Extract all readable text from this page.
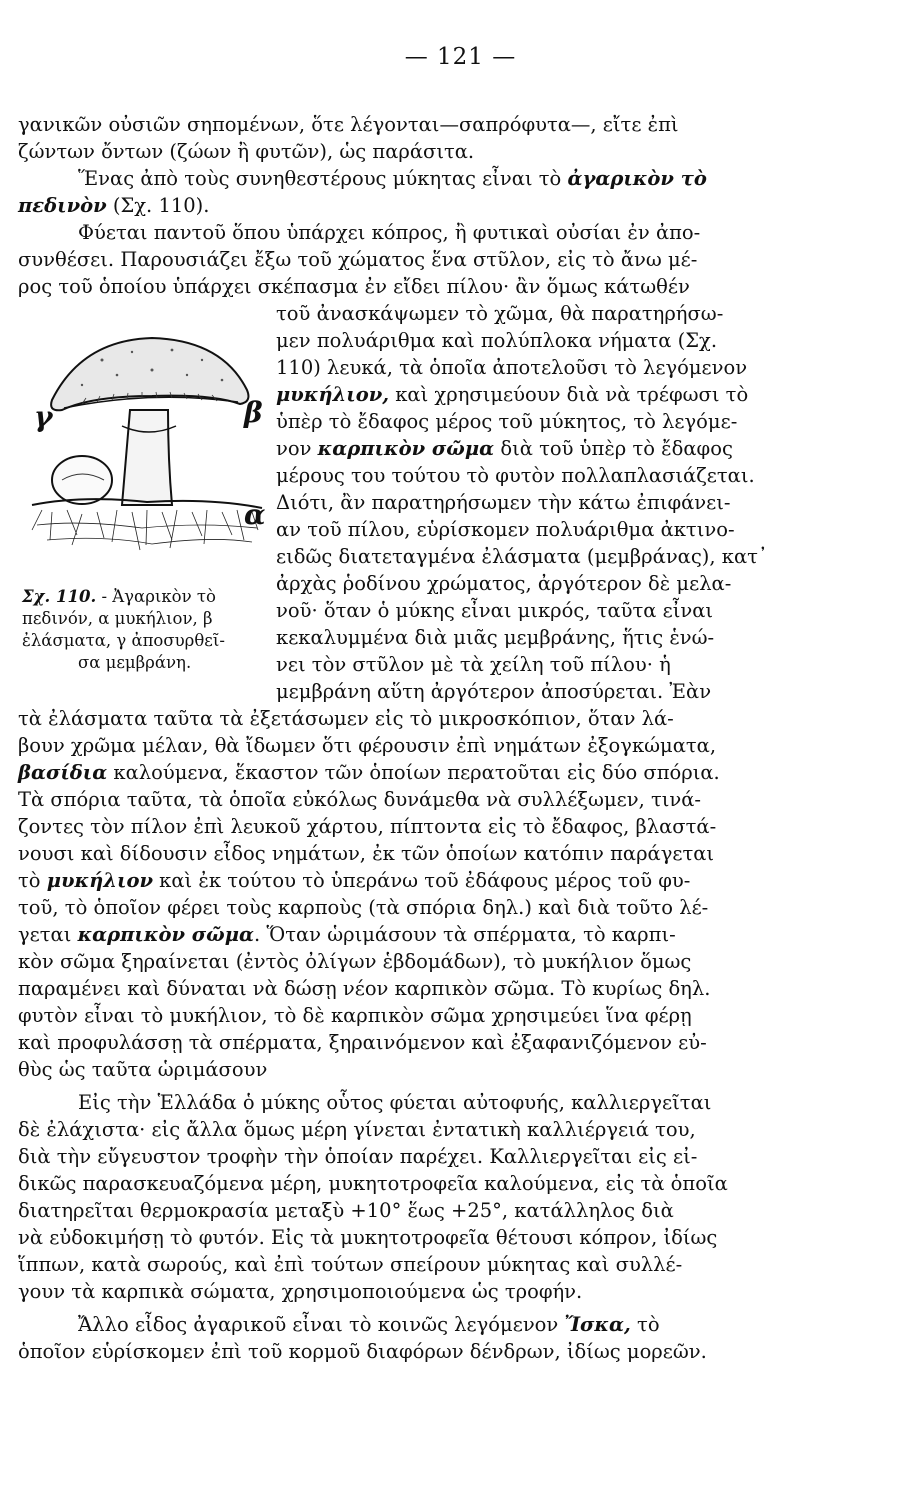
— 121 —
γανικῶν οὐσιῶν σηπομένων, ὅτε λέγονται—σαπρόφυτα—, εἴτε ἐπὶ
ζώντων ὄντων (ζώων ἢ φυτῶν), ὡς παράσιτα.
Ἕνας ἀπὸ τοὺς συνηθεστέρους μύκητας εἶναι τὸ ἀγαρικὸν τὸ
πεδινὸν (Σχ. 110).
Φύεται παντοῦ ὅπου ὑπάρχει κόπρος, ἢ φυτικαὶ οὐσίαι ἐν ἀπο-
συνθέσει. Παρουσιάζει ἔξω τοῦ χώματος ἕνα στῦλον, εἰς τὸ ἄνω μέ-
ρος τοῦ ὁποίου ὑπάρχει σκέπασμα ἐν εἴδει πίλου· ἂν ὅμως κάτωθέν
τοῦ ἀνασκάψωμεν τὸ χῶμα, θὰ παρατηρήσω-
μεν πολυάριθμα καὶ πολύπλοκα νήματα (Σχ.
110) λευκά, τὰ ὁποῖα ἀποτελοῦσι τὸ λεγόμενον
μυκήλιον, καὶ χρησιμεύουν διὰ νὰ τρέφωσι τὸ
ὑπὲρ τὸ ἔδαφος μέρος τοῦ μύκητος, τὸ λεγόμε-
νον καρπικὸν σῶμα διὰ τοῦ ὑπὲρ τὸ ἔδαφος
μέρους του τούτου τὸ φυτὸν πολλαπλασιάζεται.
Διότι, ἂν παρατηρήσωμεν τὴν κάτω ἐπιφάνει-
αν τοῦ πίλου, εὑρίσκομεν πολυάριθμα ἀκτινο-
ειδῶς διατεταγμένα ἐλάσματα (μεμβράνας), κατ᾽
ἀρχὰς ῥοδίνου χρώματος, ἀργότερον δὲ μελα-
νοῦ· ὅταν ὁ μύκης εἶναι μικρός, ταῦτα εἶναι
κεκαλυμμένα διὰ μιᾶς μεμβράνης, ἥτις ἑνώ-
νει τὸν στῦλον μὲ τὰ χείλη τοῦ πίλου· ἡ
μεμβράνη αὕτη ἀργότερον ἀποσύρεται. Ἐὰν
γ	β
α
Σχ. 110. - Ἀγαρικὸν τὸ
πεδινόν, α μυκήλιον, β
ἐλάσματα, γ ἀποσυρθεῖ-
σα μεμβράνη.
τὰ ἐλάσματα ταῦτα τὰ ἐξετάσωμεν εἰς τὸ μικροσκόπιον, ὅταν λά-
βουν χρῶμα μέλαν, θὰ ἴδωμεν ὅτι φέρουσιν ἐπὶ νημάτων ἐξογκώματα,
βασίδια καλούμενα, ἕκαστον τῶν ὁποίων περατοῦται εἰς δύο σπόρια.
Τὰ σπόρια ταῦτα, τὰ ὁποῖα εὐκόλως δυνάμεθα νὰ συλλέξωμεν, τινά-
ζοντες τὸν πίλον ἐπὶ λευκοῦ χάρτου, πίπτοντα εἰς τὸ ἔδαφος, βλαστά-
νουσι καὶ δίδουσιν εἶδος νημάτων, ἐκ τῶν ὁποίων κατόπιν παράγεται
τὸ μυκήλιον καὶ ἐκ τούτου τὸ ὑπεράνω τοῦ ἐδάφους μέρος τοῦ φυ-
τοῦ, τὸ ὁποῖον φέρει τοὺς καρποὺς (τὰ σπόρια δηλ.) καὶ διὰ τοῦτο λέ-
γεται καρπικὸν σῶμα. Ὅταν ὡριμάσουν τὰ σπέρματα, τὸ καρπι-
κὸν σῶμα ξηραίνεται (ἐντὸς ὀλίγων ἑβδομάδων), τὸ μυκήλιον ὅμως
παραμένει καὶ δύναται νὰ δώσῃ νέον καρπικὸν σῶμα. Τὸ κυρίως δηλ.
φυτὸν εἶναι τὸ μυκήλιον, τὸ δὲ καρπικὸν σῶμα χρησιμεύει ἵνα φέρῃ
καὶ προφυλάσσῃ τὰ σπέρματα, ξηραινόμενον καὶ ἐξαφανιζόμενον εὐ-
θὺς ὡς ταῦτα ὡριμάσουν
Εἰς τὴν Ἑλλάδα ὁ μύκης οὗτος φύεται αὐτοφυής, καλλιεργεῖται
δὲ ἐλάχιστα· εἰς ἄλλα ὅμως μέρη γίνεται ἐντατικὴ καλλιέργειά του,
διὰ τὴν εὔγευστον τροφὴν τὴν ὁποίαν παρέχει. Καλλιεργεῖται εἰς εἰ-
δικῶς παρασκευαζόμενα μέρη, μυκητοτροφεῖα καλούμενα, εἰς τὰ ὁποῖα
διατηρεῖται θερμοκρασία μεταξὺ +10° ἕως +25°, κατάλληλος διὰ
νὰ εὐδοκιμήσῃ τὸ φυτόν. Εἰς τὰ μυκητοτροφεῖα θέτουσι κόπρον, ἰδίως
ἵππων, κατὰ σωρούς, καὶ ἐπὶ τούτων σπείρουν μύκητας καὶ συλλέ-
γουν τὰ καρπικὰ σώματα, χρησιμοποιούμενα ὡς τροφήν.
Ἄλλο εἶδος ἀγαρικοῦ εἶναι τὸ κοινῶς λεγόμενον Ἴσκα, τὸ
ὁποῖον εὑρίσκομεν ἐπὶ τοῦ κορμοῦ διαφόρων δένδρων, ἰδίως μορεῶν.
